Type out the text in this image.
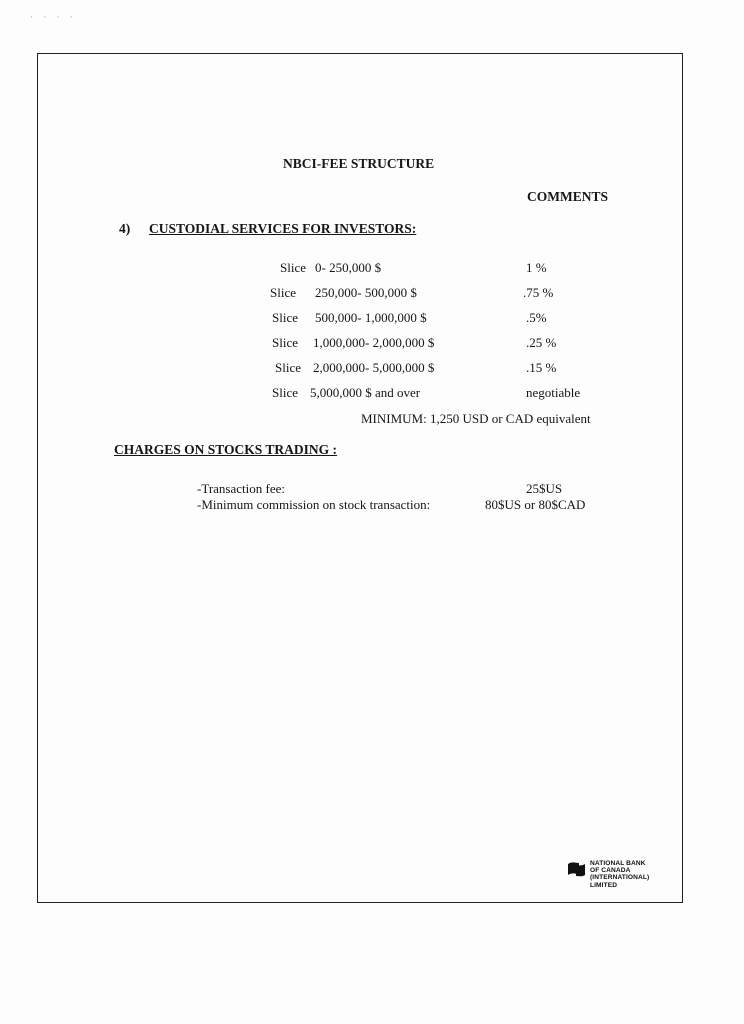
· · · ·
NBCI-FEE STRUCTURE
COMMENTS
4) CUSTODIAL SERVICES FOR INVESTORS:
Slice 0- 250,000 $	1 %
Slice 250,000- 500,000 $	.75 %
Slice 500,000- 1,000,000 $	.5%
Slice 1,000,000- 2,000,000 $	.25 %
Slice 2,000,000- 5,000,000 $	.15 %
Slice 5,000,000 $ and over	negotiable
MINIMUM: 1,250 USD or CAD equivalent
CHARGES ON STOCKS TRADING :
-Transaction fee:	25$US
-Minimum commission on stock transaction:	80$US or 80$CAD
NATIONAL BANK
OF CANADA
(INTERNATIONAL)
LIMITED
